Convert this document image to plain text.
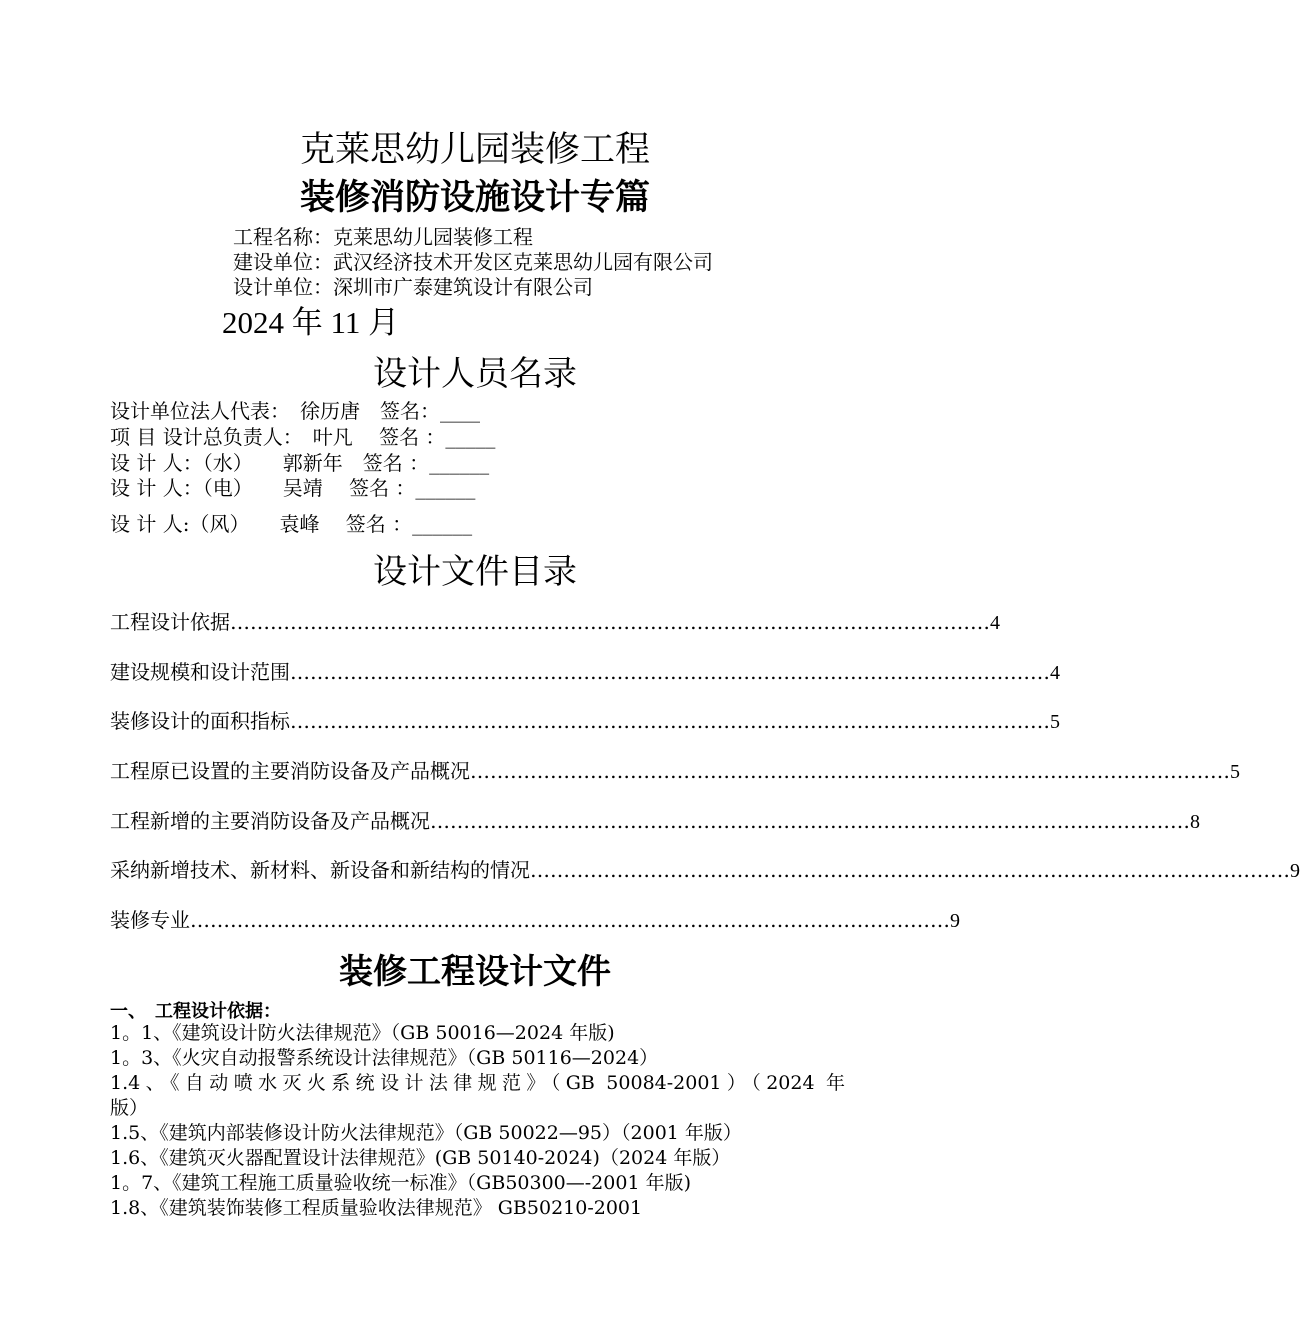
克莱思幼儿园装修工程
装修消防设施设计专篇
工程名称：克莱思幼儿园装修工程
建设单位：武汉经济技术开发区克莱思幼儿园有限公司
设计单位：深圳市广泰建筑设计有限公司
2024 年 11 月
设计人员名录
设计单位法人代表：　徐历唐　签名：____
项 目 设计总负责人：　叶凡　 签名 ：_____
设 计 人：（水）　　郭新年　签名 ：______
设 计 人：（电）　　吴靖　 签名 ：______
设 计 人:（风）　　袁峰　 签名 ：______
设计文件目录
工程设计依据 …………………………………………………………………………………………………… 4
建设规模和设计范围 …………………………………………………………………………………………………… 4
装修设计的面积指标 …………………………………………………………………………………………………… 5
工程原已设置的主要消防设备及产品概况 …………………………………………………………………………………………………… 5
工程新增的主要消防设备及产品概况 …………………………………………………………………………………………………… 8
采纳新增技术、新材料、新设备和新结构的情况 …………………………………………………………………………………………………… 9
装修专业 …………………………………………………………………………………………………… 9
装修工程设计文件
一、　工程设计依据：
1。1、《建筑设计防火法律规范》（GB 50016—2024 年版)
1。3、《火灾自动报警系统设计法律规范》（GB 50116—2024）
1.4、《自动喷水灭火系统设计法律规范》（GB 50084-2001）（2024 年
版）
1.5、《建筑内部装修设计防火法律规范》（GB 50022—95）（2001 年版）
1.6、《建筑灭火器配置设计法律规范》(GB 50140-2024)（2024 年版）
1。7、《建筑工程施工质量验收统一标准》（GB50300—-2001 年版)
1.8、《建筑装饰装修工程质量验收法律规范》 GB50210-2001
